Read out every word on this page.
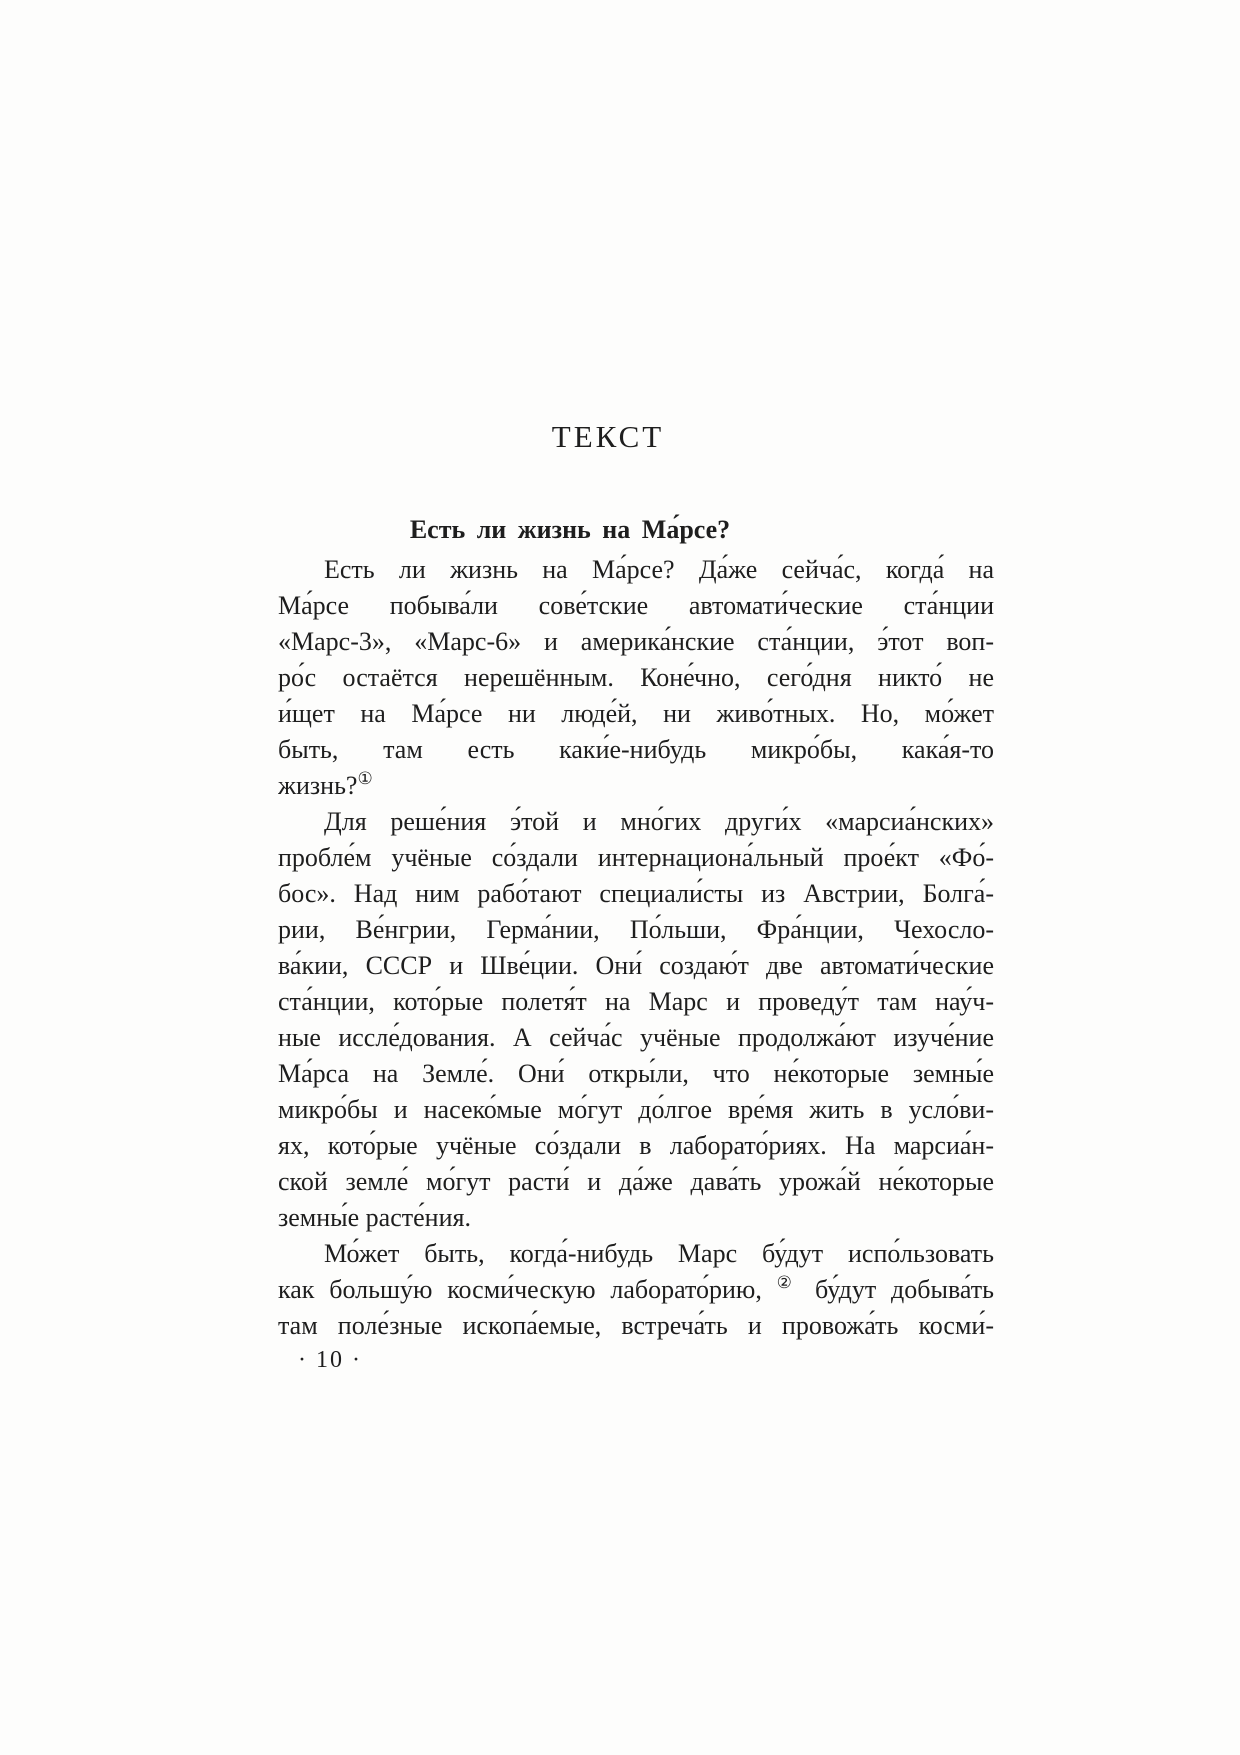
ТЕКСТ
Есть ли жизнь на Ма́рсе?
Есть ли жизнь на Ма́рсе? Да́же сейча́с, когда́ на
Ма́рсе побыва́ли сове́тские автомати́ческие ста́нции
«Марс-3», «Марс-6» и америка́нские ста́нции, э́тот воп-
ро́с остаётся нерешённым. Коне́чно, сего́дня никто́ не
и́щет на Ма́рсе ни люде́й, ни живо́тных. Но, мо́жет
быть, там есть каки́е-нибудь микро́бы, кака́я-то
жизнь?①
Для реше́ния э́той и мно́гих други́х «марсиа́нских»
пробле́м учёные со́здали интернациона́льный прое́кт «Фо́-
бос». Над ним рабо́тают специали́сты из Австрии, Болга́-
рии, Ве́нгрии, Герма́нии, По́льши, Фра́нции, Чехосло-
ва́кии, СССР и Шве́ции. Они́ создаю́т две автомати́ческие
ста́нции, кото́рые полетя́т на Марс и проведу́т там нау́ч-
ные иссле́дования. А сейча́с учёные продолжа́ют изуче́ние
Ма́рса на Земле́. Они́ откры́ли, что не́которые земны́е
микро́бы и насеко́мые мо́гут до́лгое вре́мя жить в усло́ви-
ях, кото́рые учёные со́здали в лаборато́риях. На марсиа́н-
ской земле́ мо́гут расти́ и да́же дава́ть урожа́й не́которые
земны́е расте́ния.
Мо́жет быть, когда́-нибудь Марс бу́дут испо́льзовать
как большу́ю косми́ческую лаборато́рию, ② бу́дут добыва́ть
там поле́зные ископа́емые, встреча́ть и провожа́ть косми́-
· 10 ·
